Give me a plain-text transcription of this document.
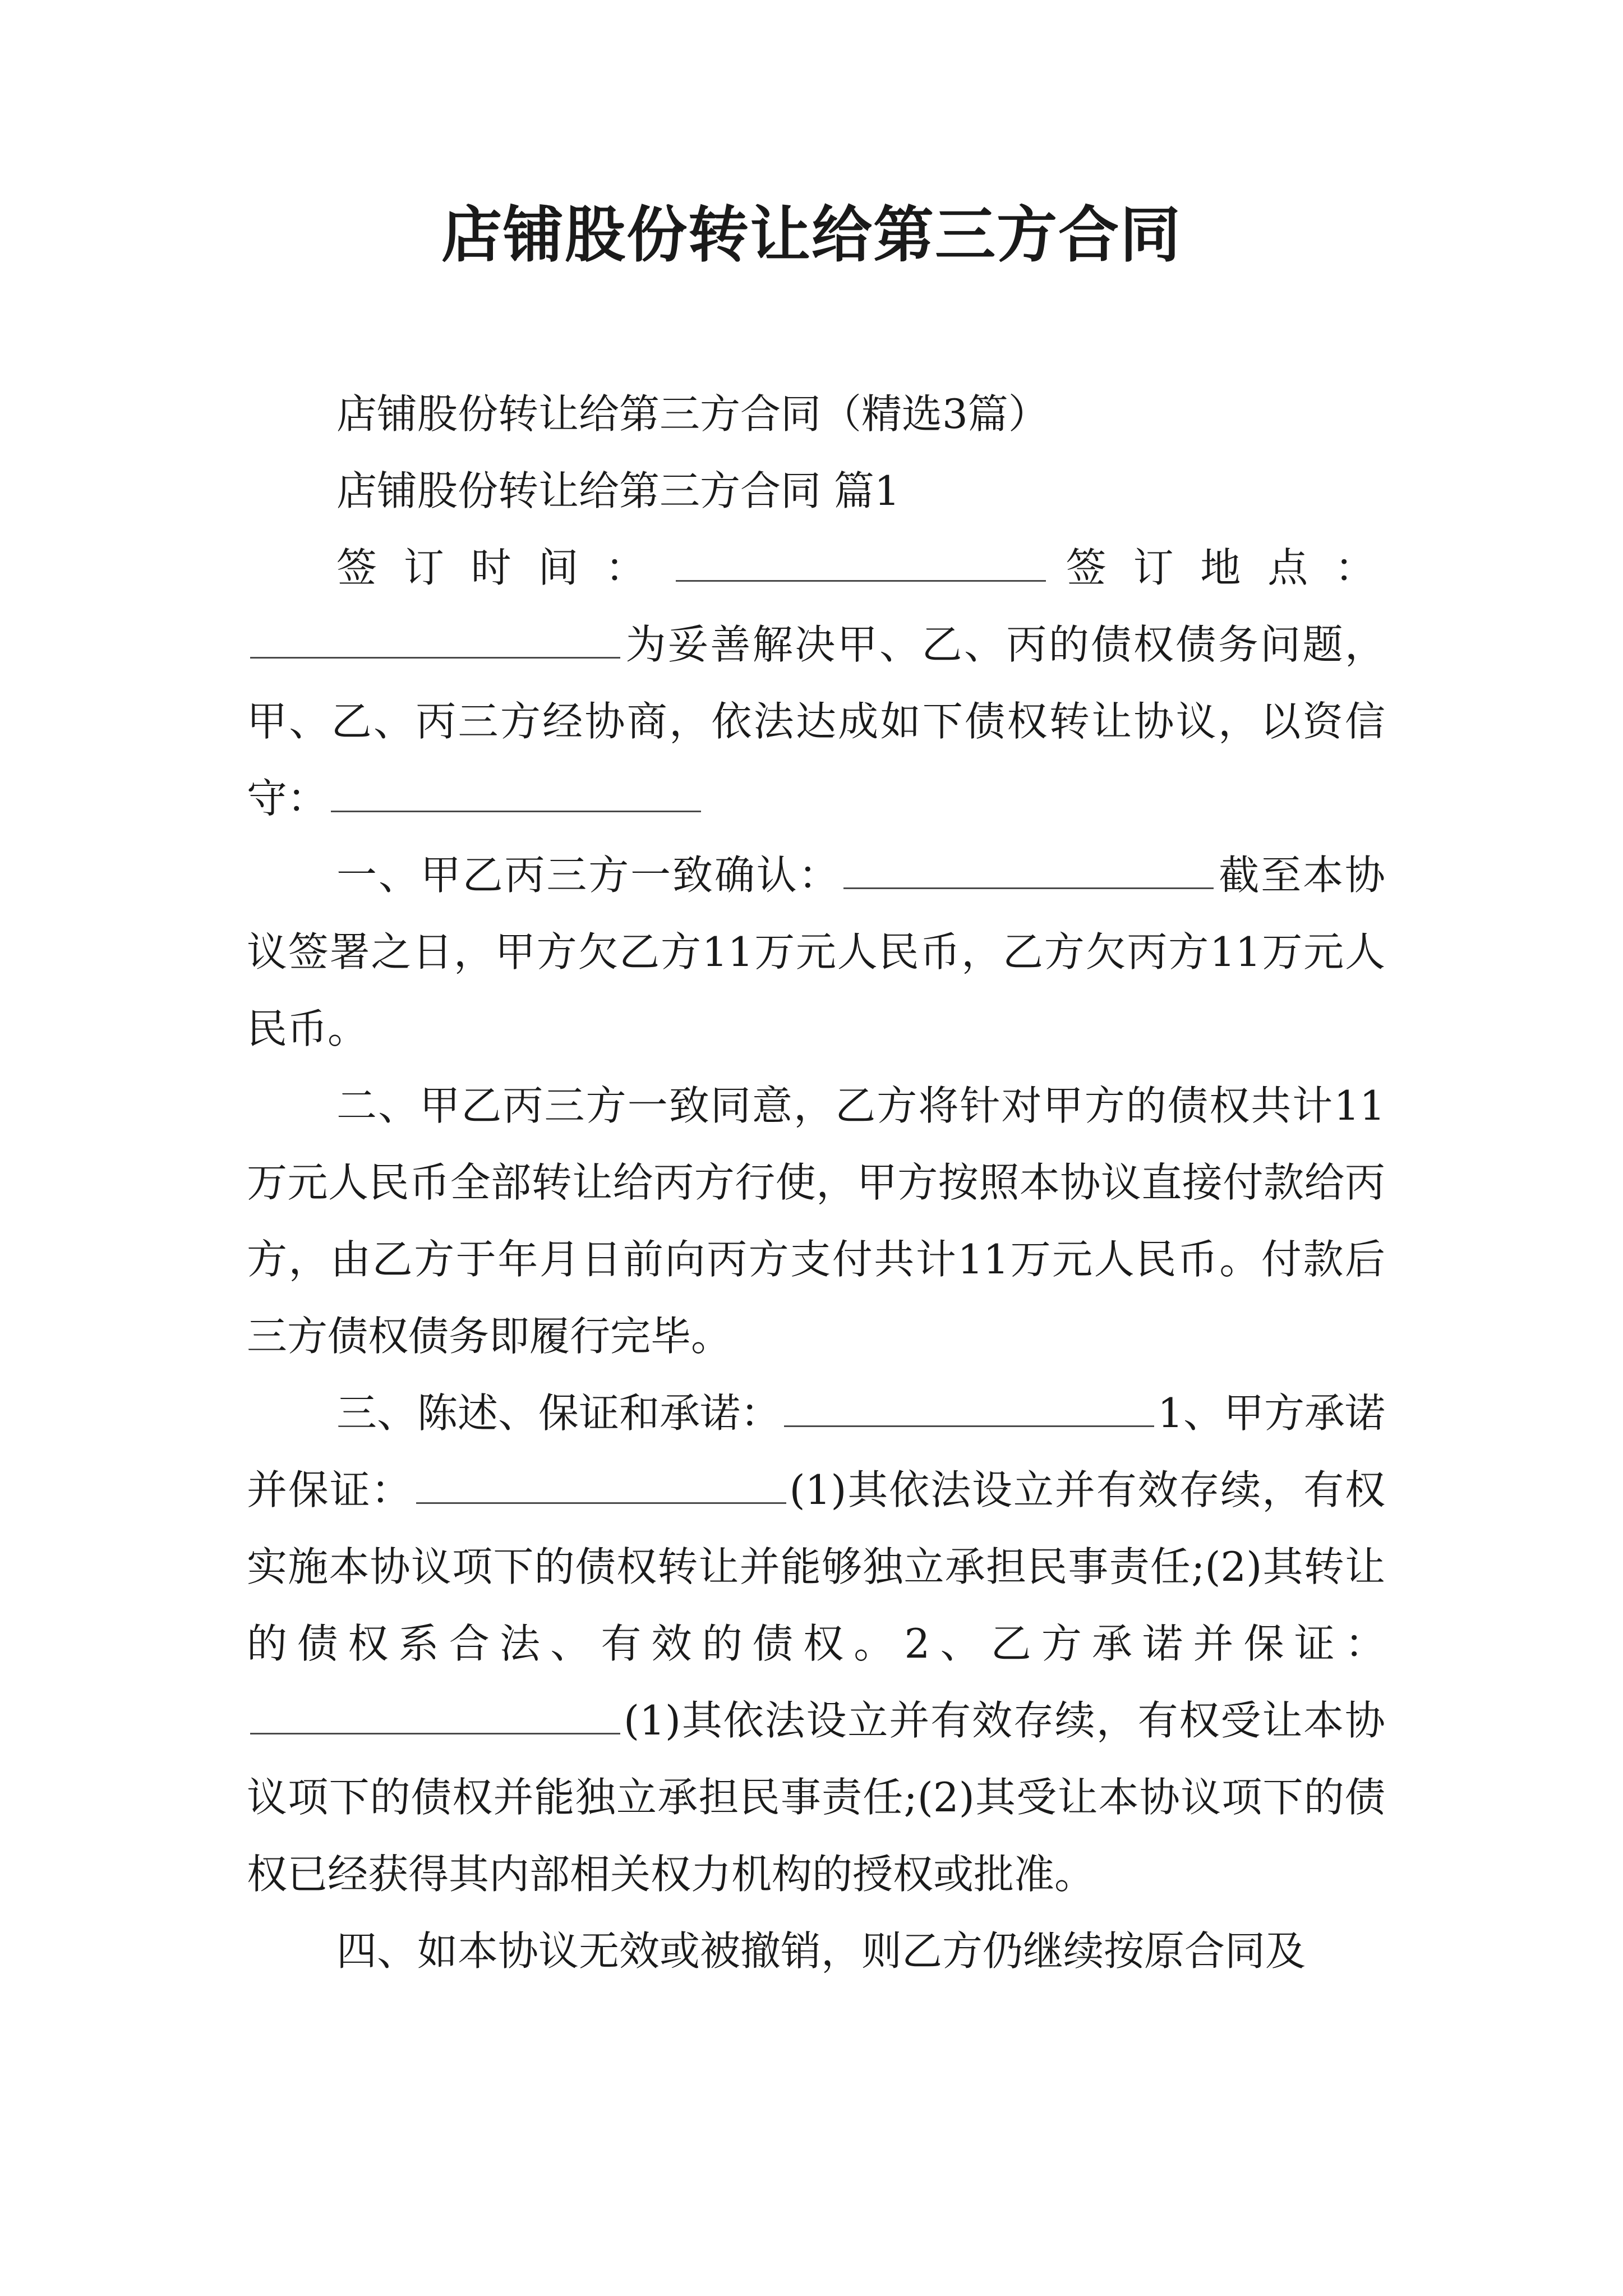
店铺股份转让给第三方合同

店铺股份转让给第三方合同（精选3篇）

店铺股份转让给第三方合同 篇1

签订时间：	签订地点：为妥善解决甲、乙、丙的债权债务问题，甲、乙、丙三方经协商，依法达成如下债权转让协议，以资信守：

一、甲乙丙三方一致确认：	截至本协议签署之日，甲方欠乙方11万元人民币，乙方欠丙方11万元人民币。

二、甲乙丙三方一致同意，乙方将针对甲方的债权共计11万元人民币全部转让给丙方行使，甲方按照本协议直接付款给丙方，由乙方于年月日前向丙方支付共计11万元人民币。付款后三方债权债务即履行完毕。

三、陈述、保证和承诺：	1、甲方承诺并保证：	(1)其依法设立并有效存续，有权实施本协议项下的债权转让并能够独立承担民事责任;(2)其转让的债权系合法、有效的债权。2、乙方承诺并保证：(1)其依法设立并有效存续，有权受让本协议项下的债权并能独立承担民事责任;(2)其受让本协议项下的债权已经获得其内部相关权力机构的授权或批准。

四、如本协议无效或被撤销，则乙方仍继续按原合同及
